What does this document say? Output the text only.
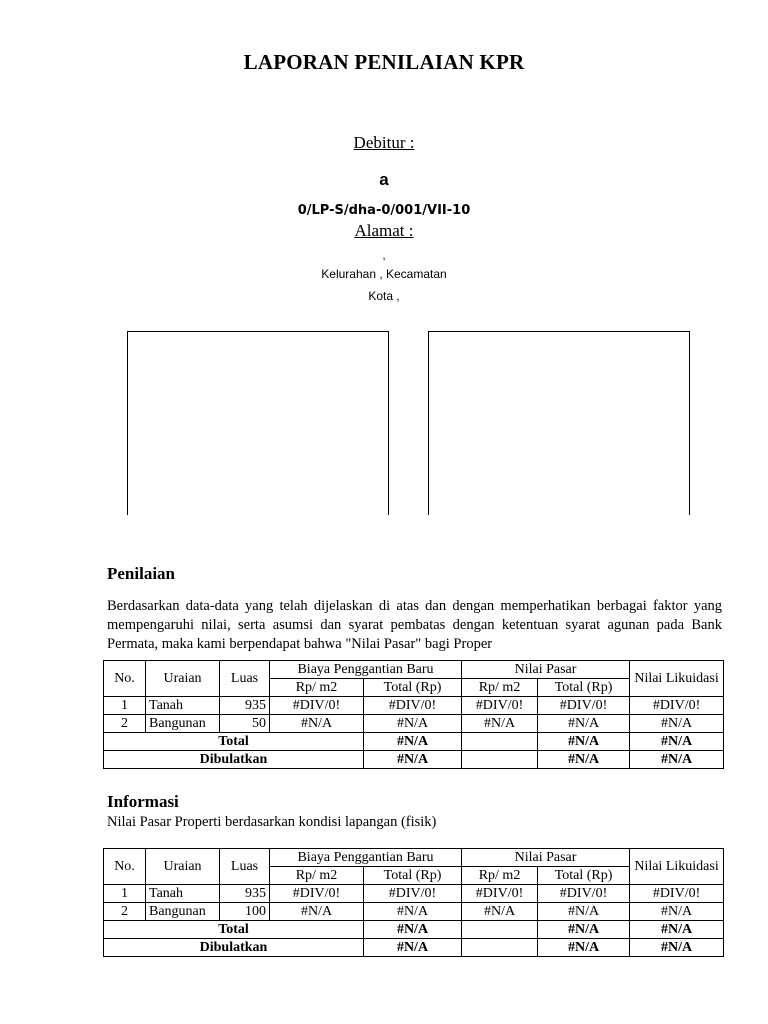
LAPORAN PENILAIAN KPR
Debitur :
a
0/LP-S/dha-0/001/VII-10
Alamat :
,
Kelurahan , Kecamatan
Kota ,
Penilaian
Berdasarkan data-data yang telah dijelaskan di atas dan dengan memperhatikan berbagai faktor yang mempengaruhi nilai, serta asumsi dan syarat pembatas dengan ketentuan syarat agunan pada Bank Permata, maka kami berpendapat bahwa "Nilai Pasar" bagi Proper
No.	Uraian	Luas	Biaya Penggantian Baru		Nilai Pasar		Nilai Likuidasi
			Rp/ m2	Total (Rp)	Rp/ m2	Total (Rp)	
1	Tanah	935	#DIV/0!	#DIV/0!	#DIV/0!	#DIV/0!	#DIV/0!
2	Bangunan	50	#N/A	#N/A	#N/A	#N/A	#N/A
Total				#N/A		#N/A	#N/A
Dibulatkan				#N/A		#N/A	#N/A
Informasi
Nilai Pasar Properti berdasarkan kondisi lapangan (fisik)
No.	Uraian	Luas	Biaya Penggantian Baru		Nilai Pasar		Nilai Likuidasi
			Rp/ m2	Total (Rp)	Rp/ m2	Total (Rp)	
1	Tanah	935	#DIV/0!	#DIV/0!	#DIV/0!	#DIV/0!	#DIV/0!
2	Bangunan	100	#N/A	#N/A	#N/A	#N/A	#N/A
Total				#N/A		#N/A	#N/A
Dibulatkan				#N/A		#N/A	#N/A
